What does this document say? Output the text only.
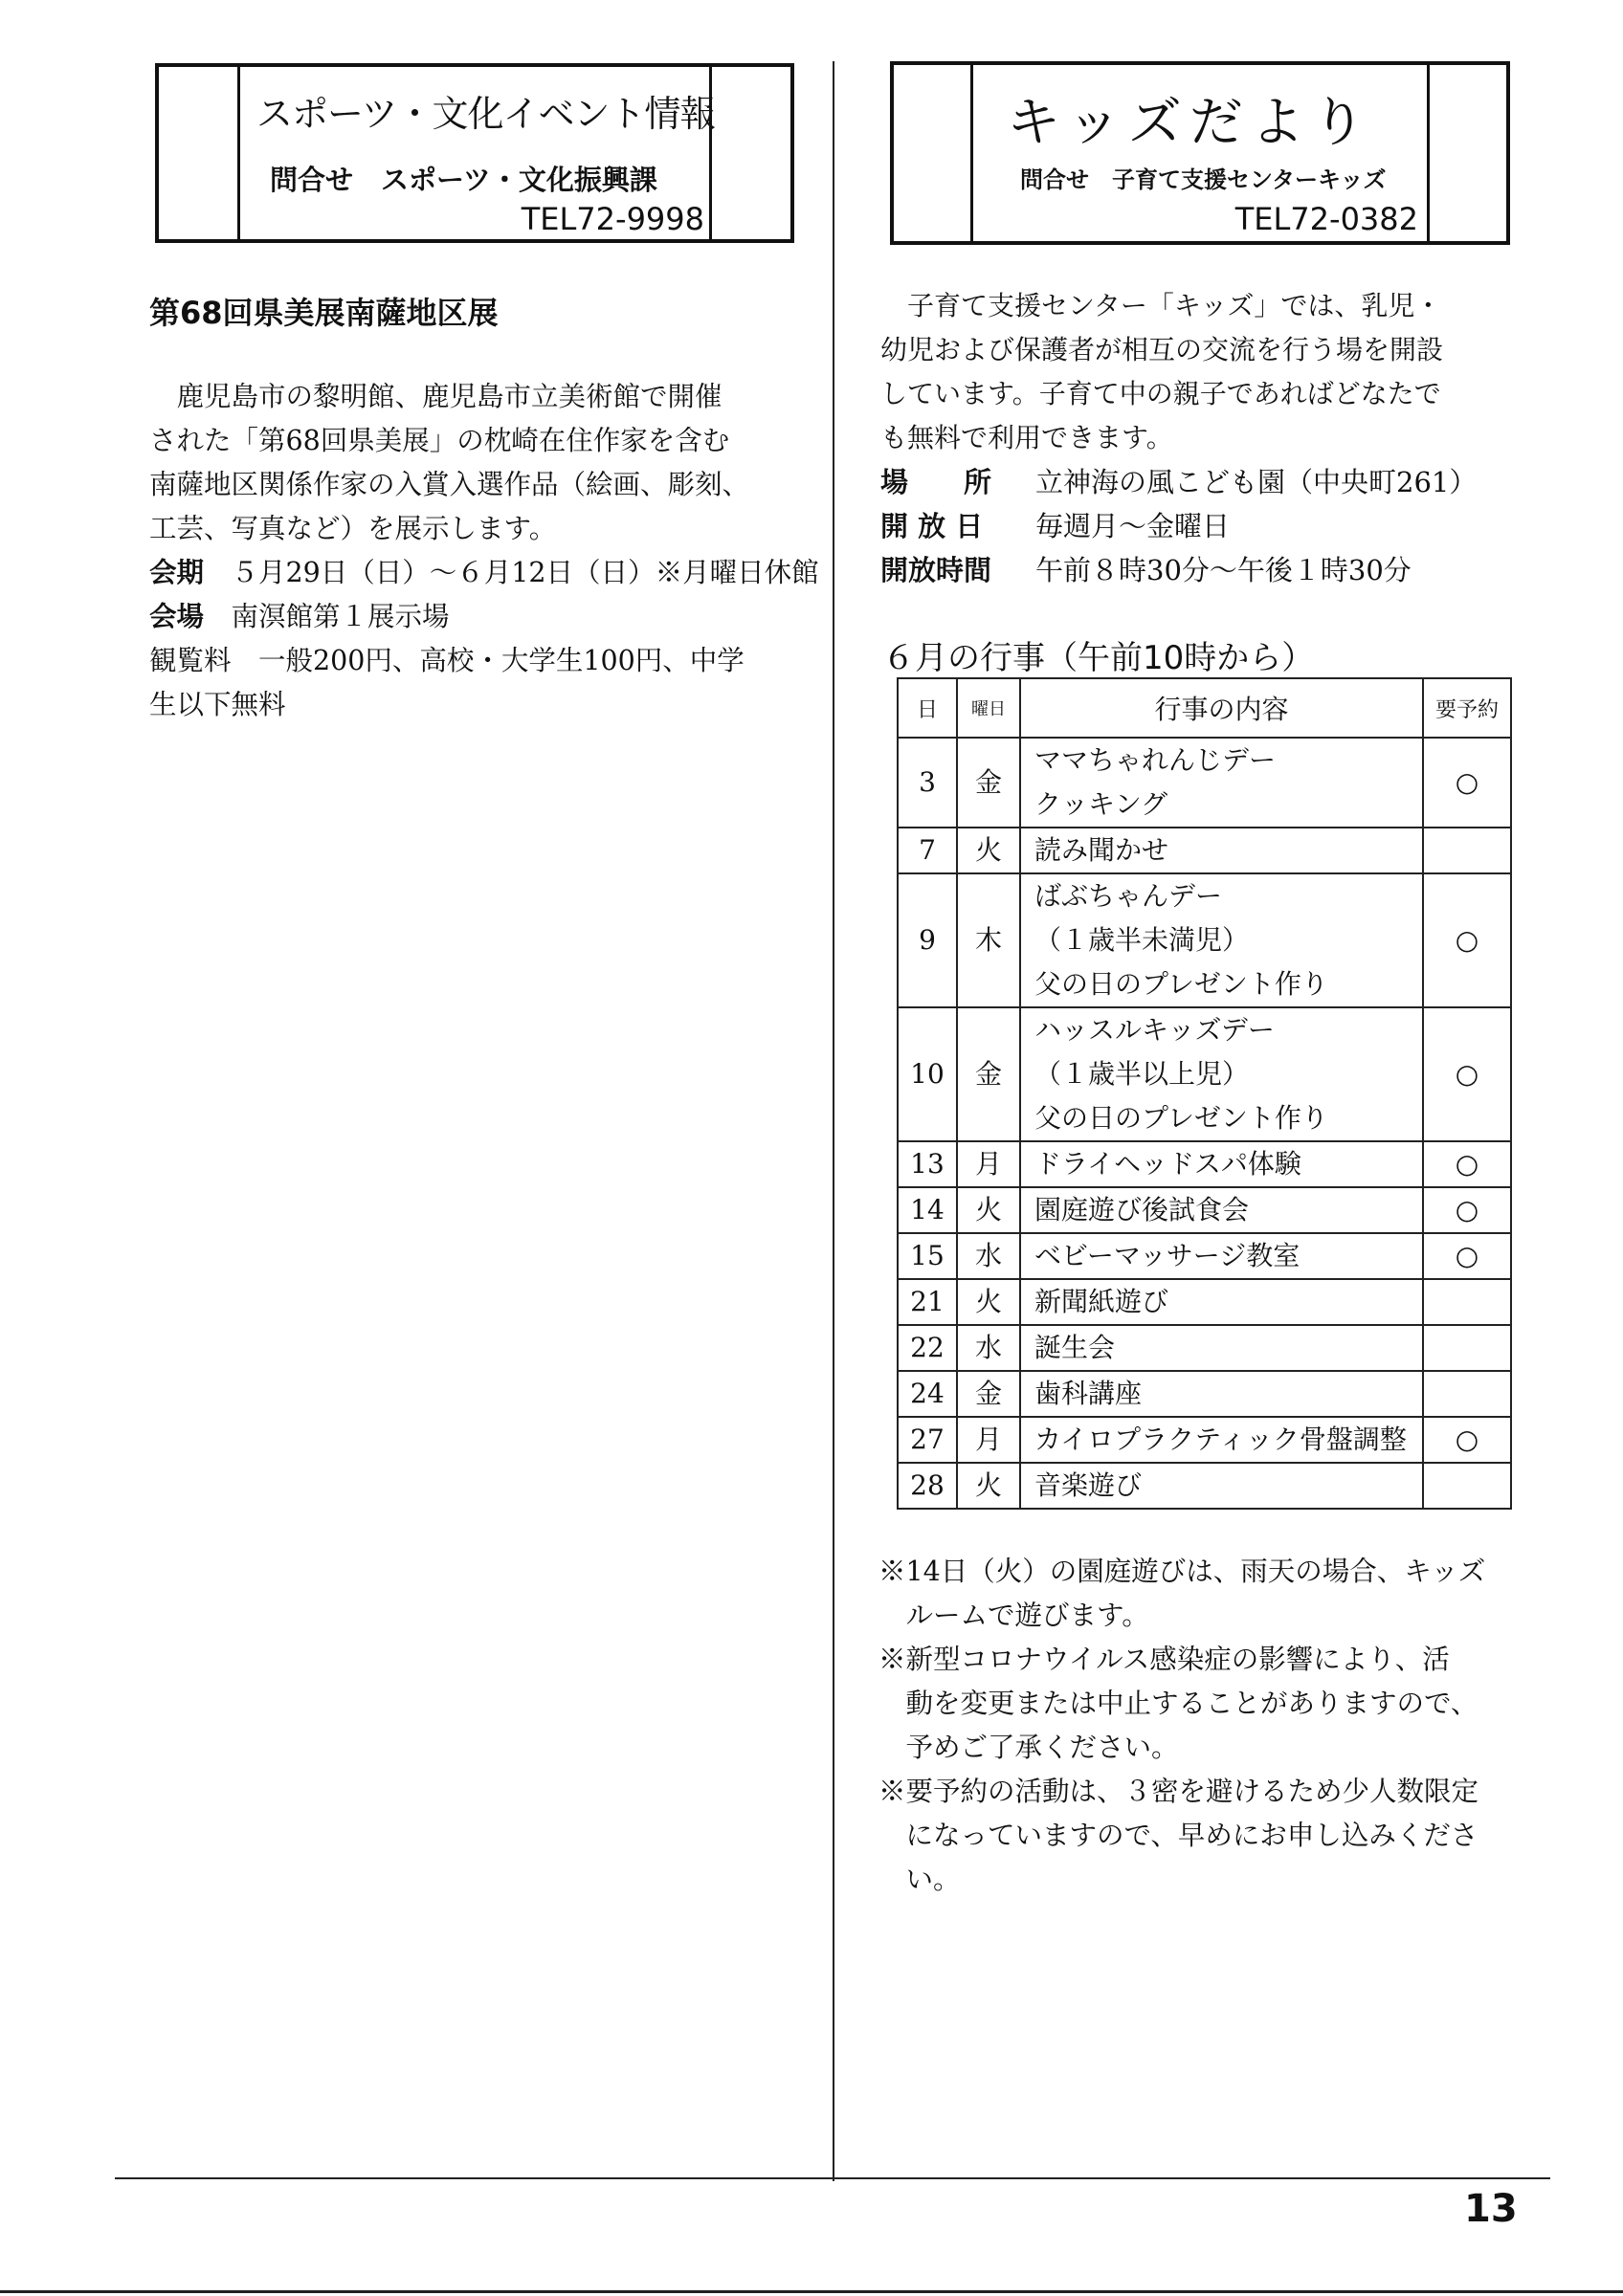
スポーツ・文化イベント情報
問合せ　スポーツ・文化振興課
TEL72-9998
キッズだより
問合せ　子育て支援センターキッズ
TEL72-0382
第68回県美展南薩地区展
　鹿児島市の黎明館、鹿児島市立美術館で開催
された「第68回県美展」の枕崎在住作家を含む
南薩地区関係作家の入賞入選作品（絵画、彫刻、
工芸、写真など）を展示します。
会期　 ５月29日（日）～６月12日（日）※月曜日休館
会場　 南溟館第１展示場
観覧料　一般200円、高校・大学生100円、中学
生以下無料
　子育て支援センター「キッズ」では、乳児・
幼児および保護者が相互の交流を行う場を開設
しています。子育て中の親子であればどなたで
も無料で利用できます。
場　　所 立神海の風こども園（中央町261）
開 放 日 毎週月～金曜日
開放時間 午前８時30分～午後１時30分
６月の行事（午前10時から）
日	曜日	行事の内容	要予約
3	金	ママちゃれんじデー
クッキング	○
7	火	読み聞かせ	

9	木	ばぶちゃんデー
（１歳半未満児）
父の日のプレゼント作り	○
10	金	ハッスルキッズデー
（１歳半以上児）
父の日のプレゼント作り	○
13	月	ドライヘッドスパ体験	○
14	火	園庭遊び後試食会	○
15	水	ベビーマッサージ教室	○
21	火	新聞紙遊び	

22	水	誕生会	

24	金	歯科講座	

27	月	カイロプラクティック骨盤調整	○
28	火	音楽遊び	

※14日（火）の園庭遊びは、雨天の場合、キッズ
　ルームで遊びます。
※新型コロナウイルス感染症の影響により、活
　動を変更または中止することがありますので、
　予めご了承ください。
※要予約の活動は、３密を避けるため少人数限定
　になっていますので、早めにお申し込みくださ
　い。
13
